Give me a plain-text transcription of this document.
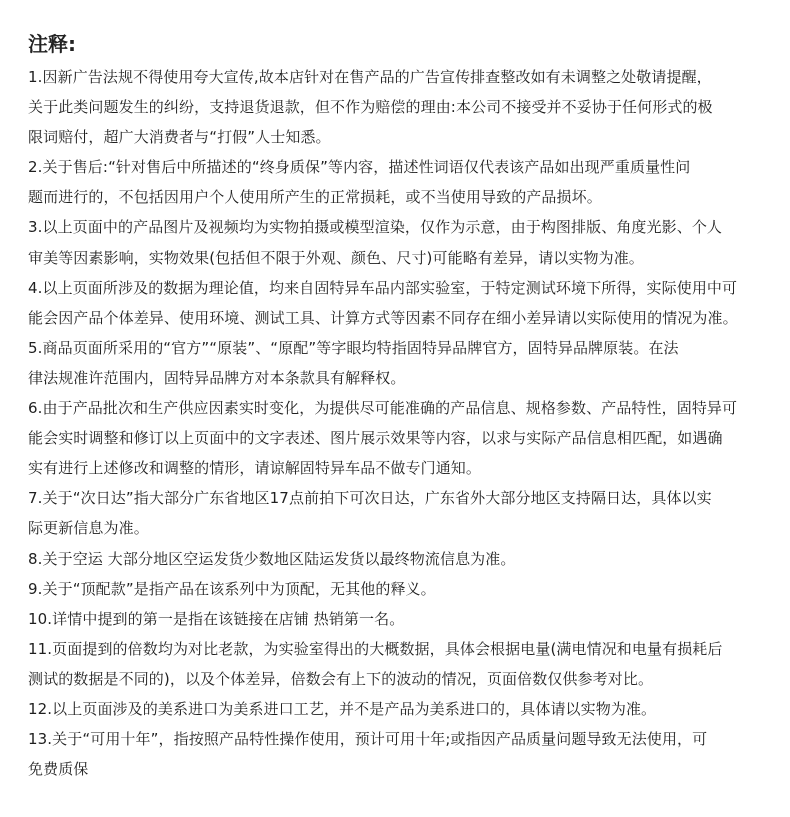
注释:
1.因新广告法规不得使用夸大宣传,故本店针对在售产品的广告宣传排查整改如有未调整之处敬请提醒，
关于此类问题发生的纠纷，支持退货退款，但不作为赔偿的理由:本公司不接受并不妥协于任何形式的极
限词赔付，超广大消费者与“打假”人士知悉。
2.关于售后:“针对售后中所描述的“终身质保”等内容，描述性词语仅代表该产品如出现严重质量性问
题而进行的，不包括因用户个人使用所产生的正常损耗，或不当使用导致的产品损坏。
3.以上页面中的产品图片及视频均为实物拍摄或模型渲染，仅作为示意，由于构图排版、角度光影、个人
审美等因素影响，实物效果(包括但不限于外观、颜色、尺寸)可能略有差异，请以实物为准。
4.以上页面所涉及的数据为理论值，均来自固特异车品内部实验室，于特定测试环境下所得，实际使用中可
能会因产品个体差异、使用环境、测试工具、计算方式等因素不同存在细小差异请以实际使用的情况为准。
5.商品页面所采用的“官方”“原装”、“原配”等字眼均特指固特异品牌官方，固特异品牌原装。在法
律法规准许范围内，固特异品牌方对本条款具有解释权。
6.由于产品批次和生产供应因素实时变化，为提供尽可能准确的产品信息、规格参数、产品特性，固特异可
能会实时调整和修订以上页面中的文字表述、图片展示效果等内容，以求与实际产品信息相匹配，如遇确
实有进行上述修改和调整的情形，请谅解固特异车品不做专门通知。
7.关于“次日达”指大部分广东省地区17点前拍下可次日达，广东省外大部分地区支持隔日达，具体以实
际更新信息为准。
8.关于空运 大部分地区空运发货少数地区陆运发货以最终物流信息为准。
9.关于“顶配款”是指产品在该系列中为顶配，无其他的释义。
10.详情中提到的第一是指在该链接在店铺 热销第一名。
11.页面提到的倍数均为对比老款，为实验室得出的大概数据，具体会根据电量(满电情况和电量有损耗后
测试的数据是不同的)，以及个体差异，倍数会有上下的波动的情况，页面倍数仅供参考对比。
12.以上页面涉及的美系进口为美系进口工艺，并不是产品为美系进口的，具体请以实物为准。
13.关于“可用十年”，指按照产品特性操作使用，预计可用十年;或指因产品质量问题导致无法使用，可
免费质保
